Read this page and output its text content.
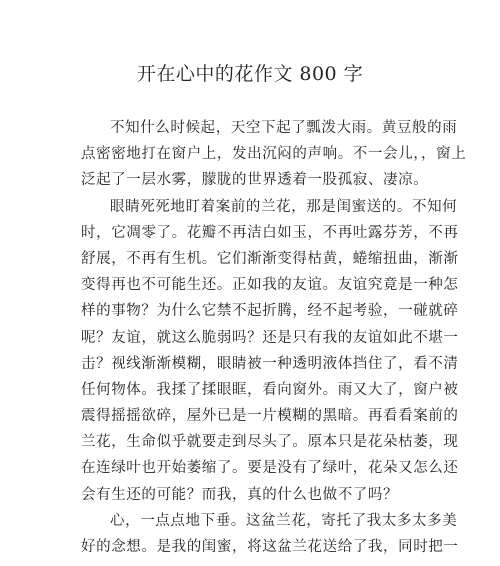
开在心中的花作文 800 字
不知什么时候起，天空下起了瓢泼大雨。黄豆般的雨
点密密地打在窗户上，发出沉闷的声响。不一会儿，，窗上
泛起了一层水雾，朦胧的世界透着一股孤寂、凄凉。
眼睛死死地盯着案前的兰花，那是闺蜜送的。不知何
时，它凋零了。花瓣不再洁白如玉，不再吐露芬芳，不再
舒展，不再有生机。它们渐渐变得枯黄，蜷缩扭曲，渐渐
变得再也不可能生还。正如我的友谊。友谊究竟是一种怎
样的事物？为什么它禁不起折腾，经不起考验，一碰就碎
呢？友谊，就这么脆弱吗？还是只有我的友谊如此不堪一
击？视线渐渐模糊，眼睛被一种透明液体挡住了，看不清
任何物体。我揉了揉眼眶，看向窗外。雨又大了，窗户被
震得摇摇欲碎，屋外已是一片模糊的黑暗。再看看案前的
兰花，生命似乎就要走到尽头了。原本只是花朵枯萎，现
在连绿叶也开始萎缩了。要是没有了绿叶，花朵又怎么还
会有生还的可能？而我，真的什么也做不了吗？
心，一点点地下垂。这盆兰花，寄托了我太多太多美
好的念想。是我的闺蜜，将这盆兰花送给了我，同时把一
